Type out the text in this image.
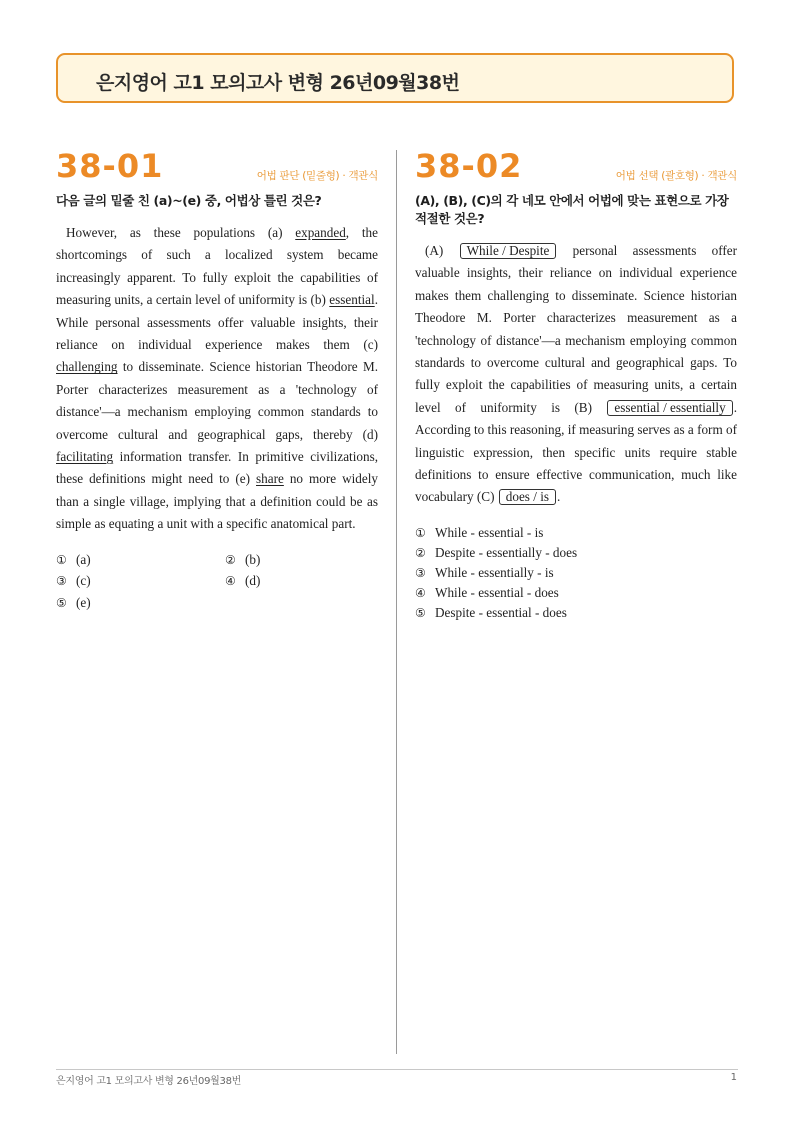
은지영어 고1 모의고사 변형 26년09월38번
38-01	어법 판단 (밑줄형) · 객관식
다음 글의 밑줄 친 (a)~(e) 중, 어법상 틀린 것은?
However, as these populations (a) expanded, the shortcomings of such a localized system became increasingly apparent. To fully exploit the capabilities of measuring units, a certain level of uniformity is (b) essential. While personal assessments offer valuable insights, their reliance on individual experience makes them (c) challenging to disseminate. Science historian Theodore M. Porter characterizes measurement as a 'technology of distance'—a mechanism employing common standards to overcome cultural and geographical gaps, thereby (d) facilitating information transfer. In primitive civilizations, these definitions might need to (e) share no more widely than a single village, implying that a definition could be as simple as equating a unit with a specific anatomical part.
① (a)	② (b)
③ (c)	④ (d)
⑤ (e)
38-02	어법 선택 (괄호형) · 객관식
(A), (B), (C)의 각 네모 안에서 어법에 맞는 표현으로 가장 적절한 것은?
(A) While / Despite personal assessments offer valuable insights, their reliance on individual experience makes them challenging to disseminate. Science historian Theodore M. Porter characterizes measurement as a 'technology of distance'—a mechanism employing common standards to overcome cultural and geographical gaps. To fully exploit the capabilities of measuring units, a certain level of uniformity is (B) essential / essentially . According to this reasoning, if measuring serves as a form of linguistic expression, then specific units require stable definitions to ensure effective communication, much like vocabulary (C) does / is .
① While - essential - is
② Despite - essentially - does
③ While - essentially - is
④ While - essential - does
⑤ Despite - essential - does
은지영어 고1 모의고사 변형 26년09월38번	1
